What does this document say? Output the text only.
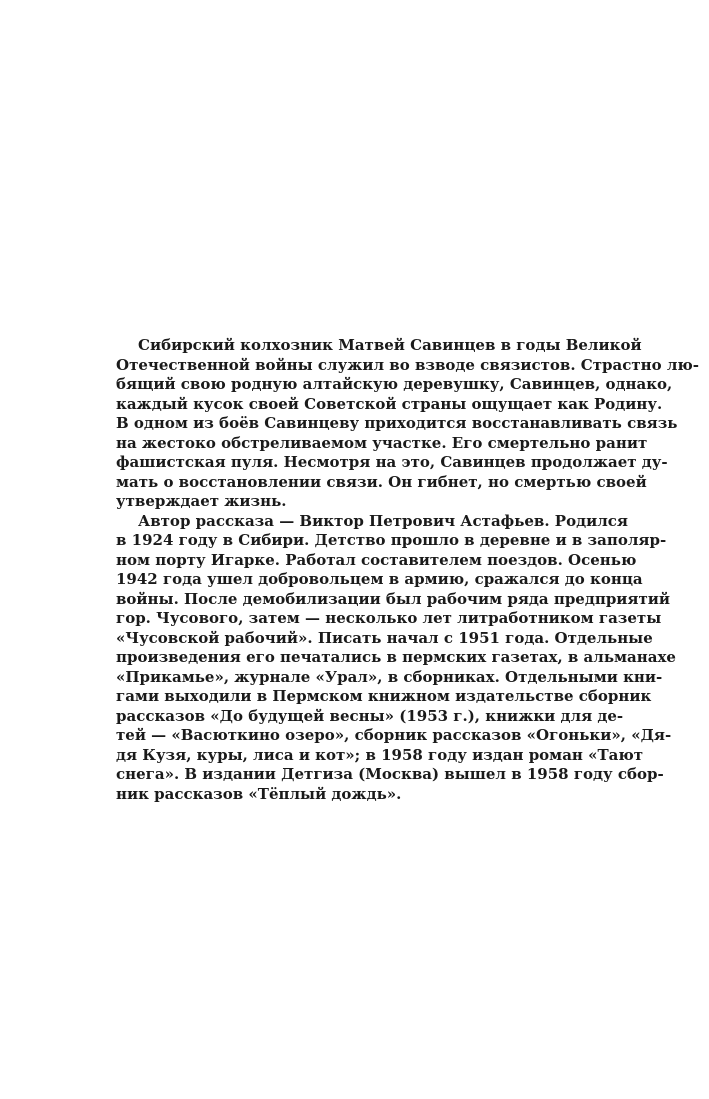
Сибирский колхозник Матвей Савинцев в годы Великой
Отечественной войны служил во взводе связистов. Страстно лю-
бящий свою родную алтайскую деревушку, Савинцев, однако,
каждый кусок своей Советской страны ощущает как Родину.
В одном из боёв Савинцеву приходится восстанавливать связь
на жестоко обстреливаемом участке. Его смертельно ранит
фашистская пуля. Несмотря на это, Савинцев продолжает ду-
мать о восстановлении связи. Он гибнет, но смертью своей
утверждает жизнь.
Автор рассказа — Виктор Петрович Астафьев. Родился
в 1924 году в Сибири. Детство прошло в деревне и в заполяр-
ном порту Игарке. Работал составителем поездов. Осенью
1942 года ушел добровольцем в армию, сражался до конца
войны. После демобилизации был рабочим ряда предприятий
гор. Чусового, затем — несколько лет литработником газеты
«Чусовской рабочий». Писать начал с 1951 года. Отдельные
произведения его печатались в пермских газетах, в альманахе
«Прикамье», журнале «Урал», в сборниках. Отдельными кни-
гами выходили в Пермском книжном издательстве сборник
рассказов «До будущей весны» (1953 г.), книжки для де-
тей — «Васюткино озеро», сборник рассказов «Огоньки», «Дя-
дя Кузя, куры, лиса и кот»; в 1958 году издан роман «Тают
снега». В издании Детгиза (Москва) вышел в 1958 году сбор-
ник рассказов «Тёплый дождь».
